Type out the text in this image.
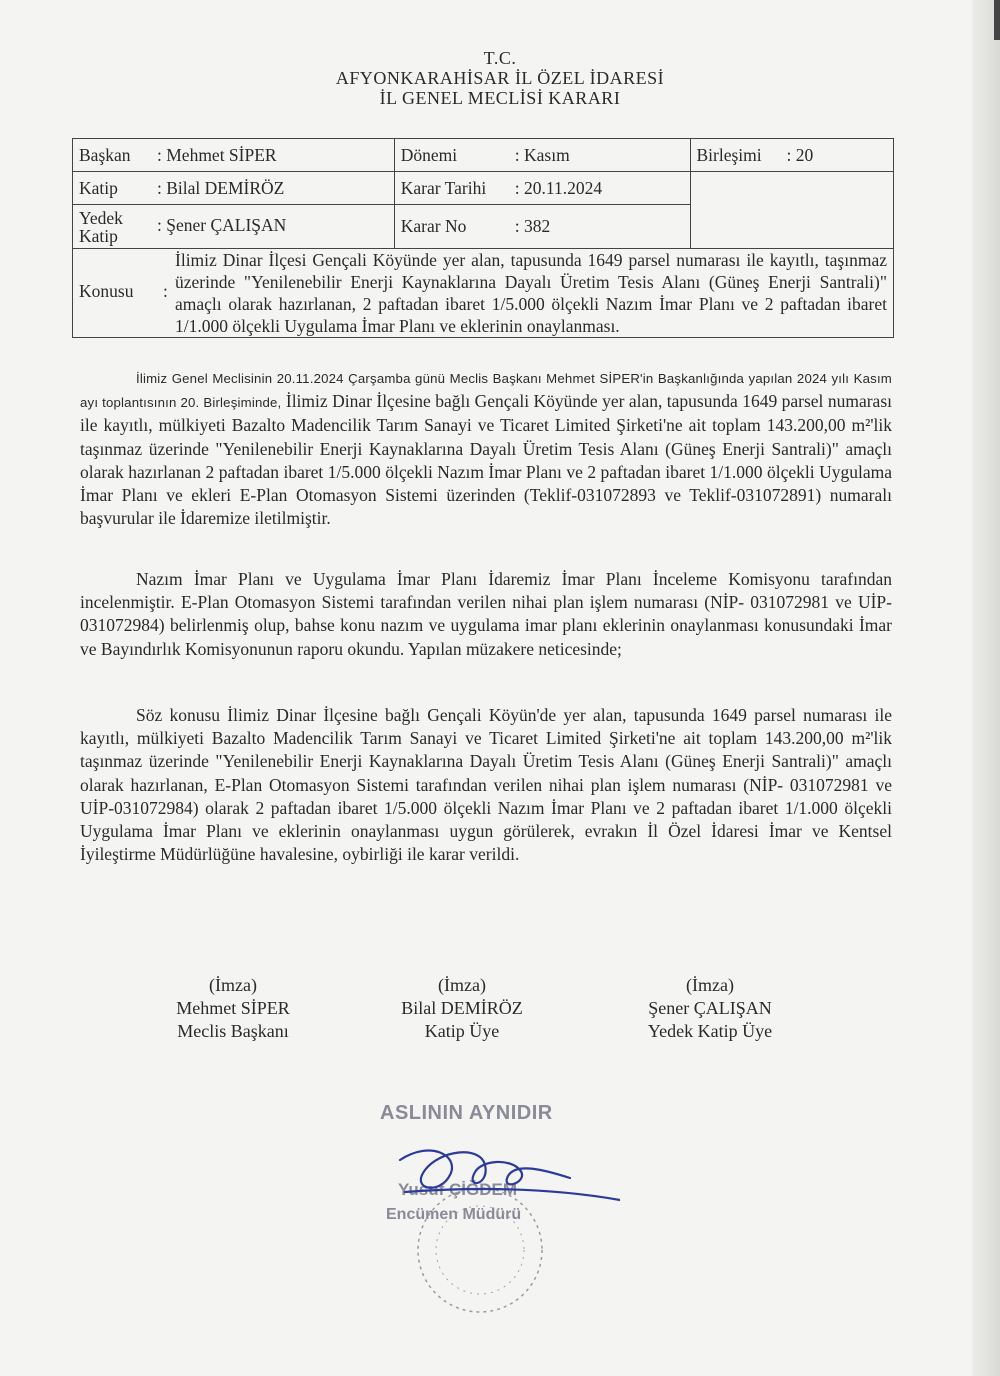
T.C.
AFYONKARAHİSAR İL ÖZEL İDARESİ
İL GENEL MECLİSİ KARARI
Başkan : Mehmet SİPER	Dönemi : Kasım	Birleşimi : 20
Katip : Bilal DEMİRÖZ	Karar Tarihi : 20.11.2024	
Yedek
Katip: Şener ÇALIŞAN	Karar No : 382	

Konusu :
İlimiz Dinar İlçesi Gençali Köyünde yer alan, tapusunda 1649 parsel numarası ile kayıtlı, taşınmaz üzerinde "Yenilenebilir Enerji Kaynaklarına Dayalı Üretim Tesis Alanı (Güneş Enerji Santrali)" amaçlı olarak hazırlanan, 2 paftadan ibaret 1/5.000 ölçekli Nazım İmar Planı ve 2 paftadan ibaret 1/1.000 ölçekli Uygulama İmar Planı ve eklerinin onaylanması.		
İlimiz Genel Meclisinin 20.11.2024 Çarşamba günü Meclis Başkanı Mehmet SİPER'in Başkanlığında yapılan 2024 yılı Kasım ayı toplantısının 20. Birleşiminde, İlimiz Dinar İlçesine bağlı Gençali Köyünde yer alan, tapusunda 1649 parsel numarası ile kayıtlı, mülkiyeti Bazalto Madencilik Tarım Sanayi ve Ticaret Limited Şirketi'ne ait toplam 143.200,00 m²'lik taşınmaz üzerinde "Yenilenebilir Enerji Kaynaklarına Dayalı Üretim Tesis Alanı (Güneş Enerji Santrali)" amaçlı olarak hazırlanan 2 paftadan ibaret 1/5.000 ölçekli Nazım İmar Planı ve 2 paftadan ibaret 1/1.000 ölçekli Uygulama İmar Planı ve ekleri E-Plan Otomasyon Sistemi üzerinden (Teklif-031072893 ve Teklif-031072891) numaralı başvurular ile İdaremize iletilmiştir.
Nazım İmar Planı ve Uygulama İmar Planı İdaremiz İmar Planı İnceleme Komisyonu tarafından incelenmiştir. E-Plan Otomasyon Sistemi tarafından verilen nihai plan işlem numarası (NİP- 031072981 ve UİP-031072984) belirlenmiş olup, bahse konu nazım ve uygulama imar planı eklerinin onaylanması konusundaki İmar ve Bayındırlık Komisyonunun raporu okundu. Yapılan müzakere neticesinde;
Söz konusu İlimiz Dinar İlçesine bağlı Gençali Köyün'de yer alan, tapusunda 1649 parsel numarası ile kayıtlı, mülkiyeti Bazalto Madencilik Tarım Sanayi ve Ticaret Limited Şirketi'ne ait toplam 143.200,00 m²'lik taşınmaz üzerinde "Yenilenebilir Enerji Kaynaklarına Dayalı Üretim Tesis Alanı (Güneş Enerji Santrali)" amaçlı olarak hazırlanan, E-Plan Otomasyon Sistemi tarafından verilen nihai plan işlem numarası (NİP- 031072981 ve UİP-031072984) olarak 2 paftadan ibaret 1/5.000 ölçekli Nazım İmar Planı ve 2 paftadan ibaret 1/1.000 ölçekli Uygulama İmar Planı ve eklerinin onaylanması uygun görülerek, evrakın İl Özel İdaresi İmar ve Kentsel İyileştirme Müdürlüğüne havalesine, oybirliği ile karar verildi.
(İmza)
Mehmet SİPER
Meclis Başkanı
(İmza)
Bilal DEMİRÖZ
Katip Üye
(İmza)
Şener ÇALIŞAN
Yedek Katip Üye
ASLININ AYNIDIR
Yusuf ÇİĞDEM
Encümen Müdürü
